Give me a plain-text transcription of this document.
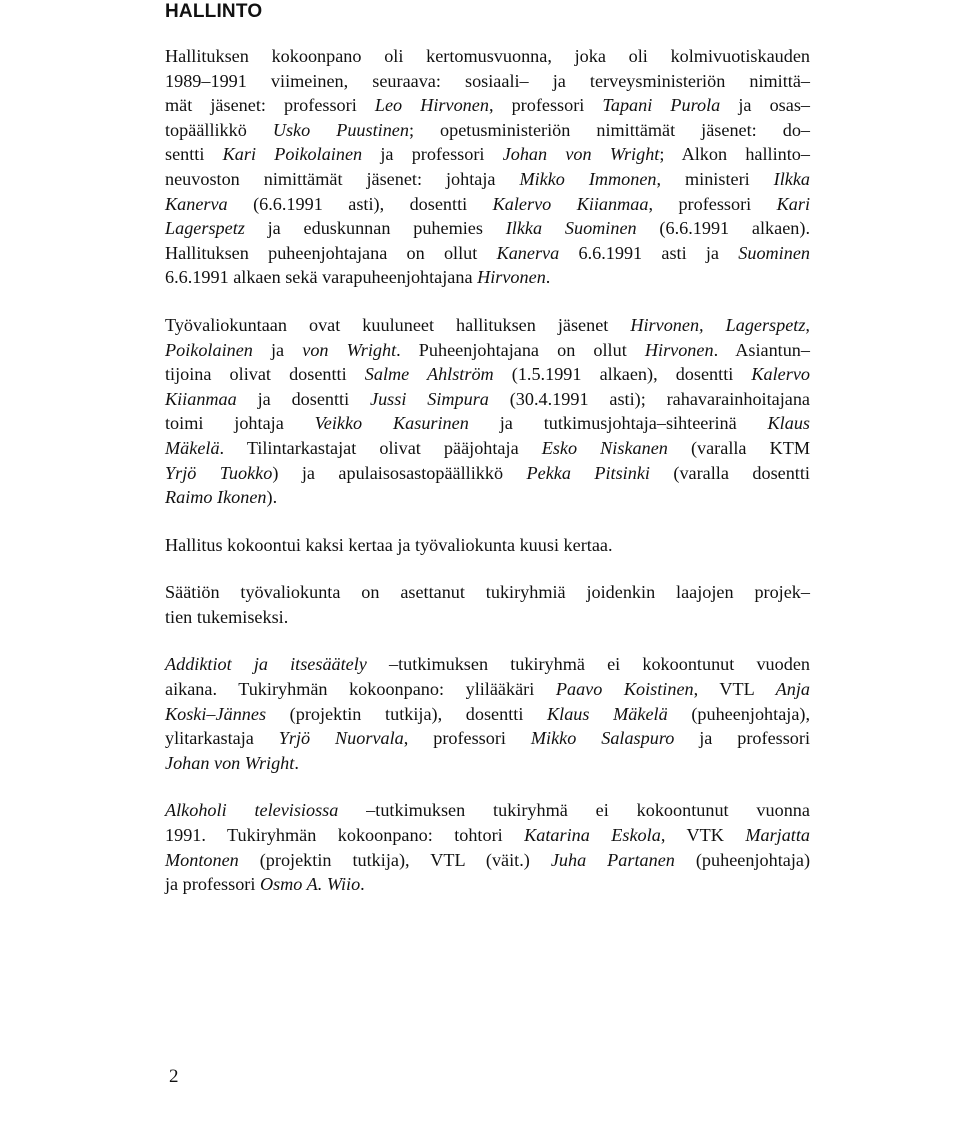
HALLINTO
Hallituksen kokoonpano oli kertomusvuonna, joka oli kolmivuotiskauden
1989–1991 viimeinen, seuraava: sosiaali– ja terveysministeriön nimittä–
mät jäsenet: professori Leo Hirvonen, professori Tapani Purola ja osas–
topäällikkö Usko Puustinen; opetusministeriön nimittämät jäsenet: do–
sentti Kari Poikolainen ja professori Johan von Wright; Alkon hallinto–
neuvoston nimittämät jäsenet: johtaja Mikko Immonen, ministeri Ilkka
Kanerva (6.6.1991 asti), dosentti Kalervo Kiianmaa, professori Kari
Lagerspetz ja eduskunnan puhemies Ilkka Suominen (6.6.1991 alkaen).
Hallituksen puheenjohtajana on ollut Kanerva 6.6.1991 asti ja Suominen
6.6.1991 alkaen sekä varapuheenjohtajana Hirvonen.
Työvaliokuntaan ovat kuuluneet hallituksen jäsenet Hirvonen, Lagerspetz,
Poikolainen ja von Wright. Puheenjohtajana on ollut Hirvonen. Asiantun–
tijoina olivat dosentti Salme Ahlström (1.5.1991 alkaen), dosentti Kalervo
Kiianmaa ja dosentti Jussi Simpura (30.4.1991 asti); rahavarainhoitajana
toimi johtaja Veikko Kasurinen ja tutkimusjohtaja–sihteerinä Klaus
Mäkelä. Tilintarkastajat olivat pääjohtaja Esko Niskanen (varalla KTM
Yrjö Tuokko) ja apulaisosastopäällikkö Pekka Pitsinki (varalla dosentti
Raimo Ikonen).
Hallitus kokoontui kaksi kertaa ja työvaliokunta kuusi kertaa.
Säätiön työvaliokunta on asettanut tukiryhmiä joidenkin laajojen projek–
tien tukemiseksi.
Addiktiot ja itsesäätely –tutkimuksen tukiryhmä ei kokoontunut vuoden
aikana. Tukiryhmän kokoonpano: ylilääkäri Paavo Koistinen, VTL Anja
Koski–Jännes (projektin tutkija), dosentti Klaus Mäkelä (puheenjohtaja),
ylitarkastaja Yrjö Nuorvala, professori Mikko Salaspuro ja professori
Johan von Wright.
Alkoholi televisiossa –tutkimuksen tukiryhmä ei kokoontunut vuonna
1991. Tukiryhmän kokoonpano: tohtori Katarina Eskola, VTK Marjatta
Montonen (projektin tutkija), VTL (väit.) Juha Partanen (puheenjohtaja)
ja professori Osmo A. Wiio.
2
